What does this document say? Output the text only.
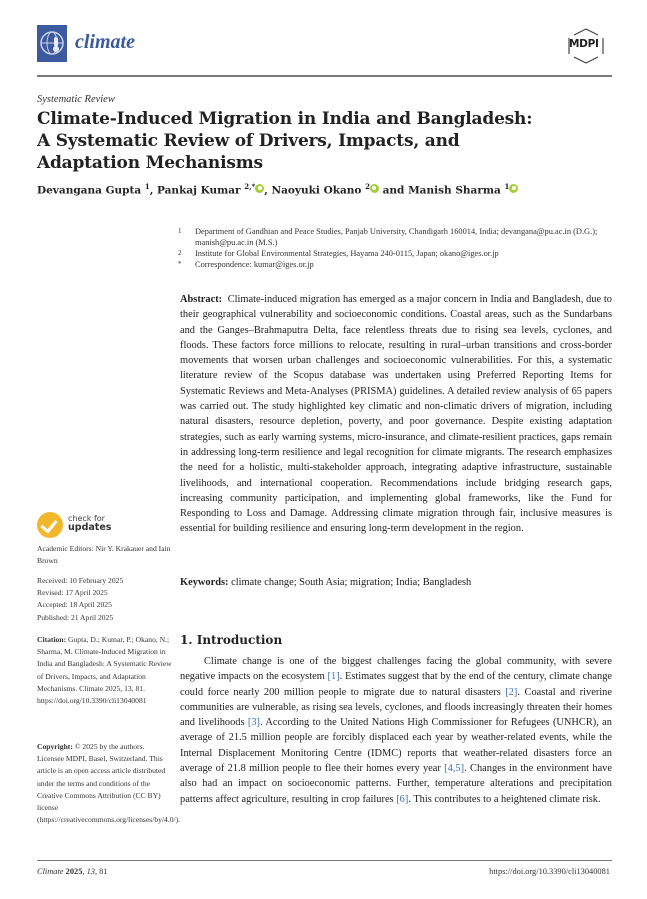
climate	MDPI
Systematic Review
Climate-Induced Migration in India and Bangladesh:
A Systematic Review of Drivers, Impacts, and
Adaptation Mechanisms
Devangana Gupta $^1$, Pankaj Kumar $^{2,*}$ , Naoyuki Okano $^2$ and Manish Sharma $^1$
1	Department of Gandhian and Peace Studies, Panjab University, Chandigarh 160014, India; devangana@pu.ac.in (D.G.); manish@pu.ac.in (M.S.)
2	Institute for Global Environmental Strategies, Hayama 240-0115, Japan; okano@iges.or.jp
*	Correspondence: kumar@iges.or.jp
Abstract: Climate-induced migration has emerged as a major concern in India and Bangladesh, due to their geographical vulnerability and socioeconomic conditions. Coastal areas, such as the Sundarbans and the Ganges–Brahmaputra Delta, face relentless threats due to rising sea levels, cyclones, and floods. These factors force millions to relocate, resulting in rural–urban transitions and cross-border movements that worsen urban challenges and socioeconomic vulnerabilities. For this, a systematic literature review of the Scopus database was undertaken using Preferred Reporting Items for Systematic Reviews and Meta-Analyses (PRISMA) guidelines. A detailed review analysis of 65 papers was carried out. The study highlighted key climatic and non-climatic drivers of migration, including natural disasters, resource depletion, poverty, and poor governance. Despite existing adaptation strategies, such as early warning systems, micro-insurance, and climate-resilient practices, gaps remain in addressing long-term resilience and legal recognition for climate migrants. The research emphasizes the need for a holistic, multi-stakeholder approach, integrating adaptive infrastructure, sustainable livelihoods, and international cooperation. Recommendations include bridging research gaps, increasing community participation, and implementing global frameworks, like the Fund for Responding to Loss and Damage. Addressing climate migration through fair, inclusive measures is essential for building resilience and ensuring long-term development in the region.
Keywords: climate change; South Asia; migration; India; Bangladesh
check for
updates
Academic Editors: Nir Y. Krakauer and Iain Brown
Received: 10 February 2025
Revised: 17 April 2025
Accepted: 18 April 2025
Published: 21 April 2025
Citation: Gupta, D.; Kumar, P.; Okano, N.; Sharma, M. Climate-Induced Migration in India and Bangladesh: A Systematic Review of Drivers, Impacts, and Adaptation Mechanisms. Climate 2025, 13, 81. https://doi.org/10.3390/cli13040081
Copyright: © 2025 by the authors. Licensee MDPI, Basel, Switzerland. This article is an open access article distributed under the terms and conditions of the Creative Commons Attribution (CC BY) license (https://creativecommons.org/licenses/by/4.0/).
1. Introduction
Climate change is one of the biggest challenges facing the global community, with severe negative impacts on the ecosystem [1]. Estimates suggest that by the end of the century, climate change could force nearly 200 million people to migrate due to natural disasters [2]. Coastal and riverine communities are vulnerable, as rising sea levels, cyclones, and floods increasingly threaten their homes and livelihoods [3]. According to the United Nations High Commissioner for Refugees (UNHCR), an average of 21.5 million people are forcibly displaced each year by weather-related events, while the Internal Displacement Monitoring Centre (IDMC) reports that weather-related disasters force an average of 21.8 million people to flee their homes every year [4,5]. Changes in the environment have also had an impact on socioeconomic patterns. Further, temperature alterations and precipitation patterns affect agriculture, resulting in crop failures [6]. This contributes to a heightened climate risk.
Climate 2025, 13, 81	https://doi.org/10.3390/cli13040081
